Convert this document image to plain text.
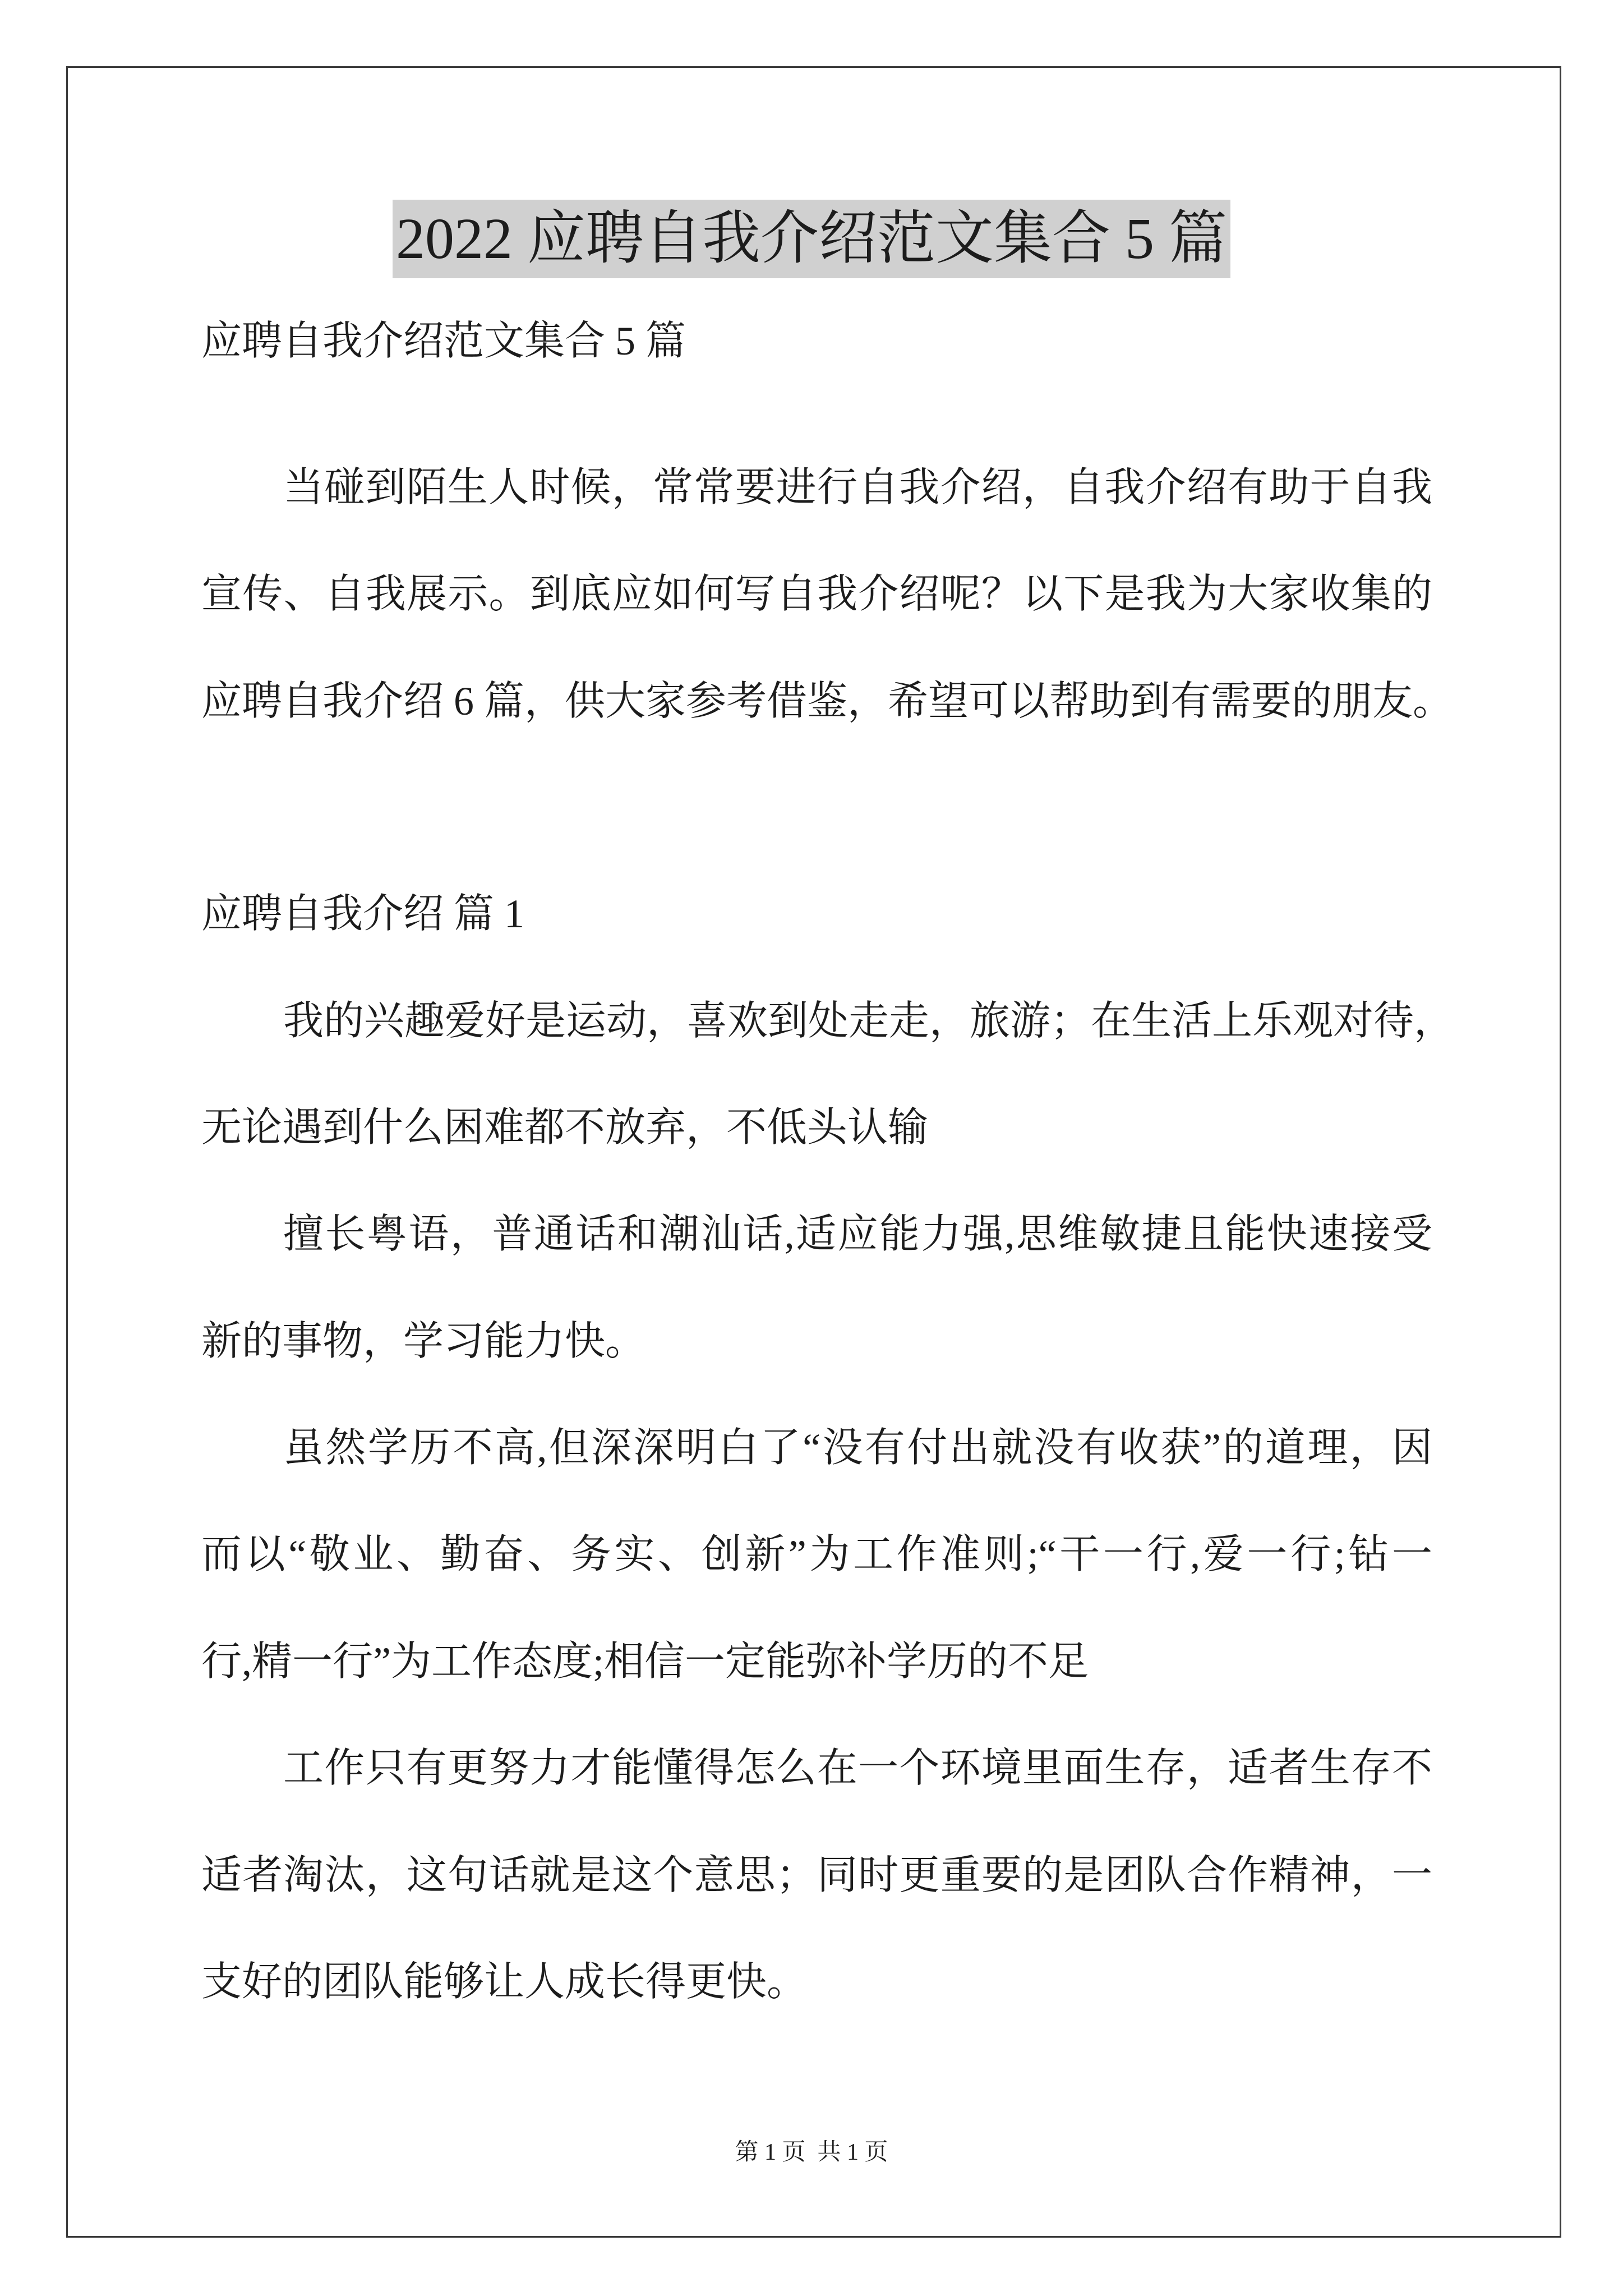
2022 应聘自我介绍范文集合 5 篇
应聘自我介绍范文集合 5 篇
当碰到陌生人时候，常常要进行自我介绍，自我介绍有助于自我
宣传、自我展示。到底应如何写自我介绍呢？以下是我为大家收集的
应聘自我介绍 6 篇，供大家参考借鉴，希望可以帮助到有需要的朋友。
应聘自我介绍 篇 1
我的兴趣爱好是运动，喜欢到处走走，旅游；在生活上乐观对待，
无论遇到什么困难都不放弃，不低头认输
擅长粤语，普通话和潮汕话,适应能力强,思维敏捷且能快速接受
新的事物，学习能力快。
虽然学历不高,但深深明白了“没有付出就没有收获”的道理，因
而以“敬业、勤奋、务实、创新”为工作准则;“干一行,爱一行;钻一
行,精一行”为工作态度;相信一定能弥补学历的不足
工作只有更努力才能懂得怎么在一个环境里面生存，适者生存不
适者淘汰，这句话就是这个意思；同时更重要的是团队合作精神，一
支好的团队能够让人成长得更快。
第 1 页  共 1 页
